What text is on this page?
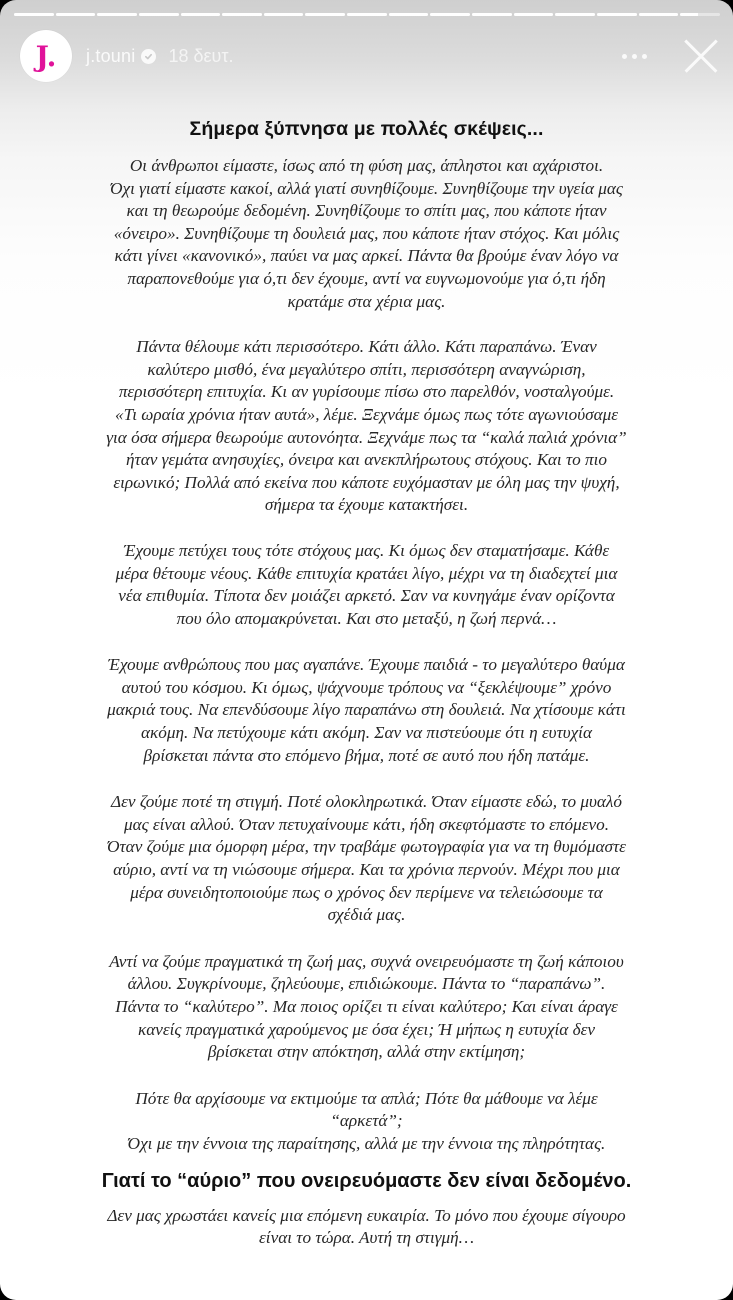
J. j.touni 18 δευτ.
Σήμερα ξύπνησα με πολλές σκέψεις...
Οι άνθρωποι είμαστε, ίσως από τη φύση μας, άπληστοι και αχάριστοι.
Όχι γιατί είμαστε κακοί, αλλά γιατί συνηθίζουμε. Συνηθίζουμε την υγεία μας
και τη θεωρούμε δεδομένη. Συνηθίζουμε το σπίτι μας, που κάποτε ήταν
«όνειρο». Συνηθίζουμε τη δουλειά μας, που κάποτε ήταν στόχος. Και μόλις
κάτι γίνει «κανονικό», παύει να μας αρκεί. Πάντα θα βρούμε έναν λόγο να
παραπονεθούμε για ό,τι δεν έχουμε, αντί να ευγνωμονούμε για ό,τι ήδη
κρατάμε στα χέρια μας.
Πάντα θέλουμε κάτι περισσότερο. Κάτι άλλο. Κάτι παραπάνω. Έναν
καλύτερο μισθό, ένα μεγαλύτερο σπίτι, περισσότερη αναγνώριση,
περισσότερη επιτυχία. Κι αν γυρίσουμε πίσω στο παρελθόν, νοσταλγούμε.
«Τι ωραία χρόνια ήταν αυτά», λέμε. Ξεχνάμε όμως πως τότε αγωνιούσαμε
για όσα σήμερα θεωρούμε αυτονόητα. Ξεχνάμε πως τα “καλά παλιά χρόνια”
ήταν γεμάτα ανησυχίες, όνειρα και ανεκπλήρωτους στόχους. Και το πιο
ειρωνικό; Πολλά από εκείνα που κάποτε ευχόμασταν με όλη μας την ψυχή,
σήμερα τα έχουμε κατακτήσει.
Έχουμε πετύχει τους τότε στόχους μας. Κι όμως δεν σταματήσαμε. Κάθε
μέρα θέτουμε νέους. Κάθε επιτυχία κρατάει λίγο, μέχρι να τη διαδεχτεί μια
νέα επιθυμία. Τίποτα δεν μοιάζει αρκετό. Σαν να κυνηγάμε έναν ορίζοντα
που όλο απομακρύνεται. Και στο μεταξύ, η ζωή περνά…
Έχουμε ανθρώπους που μας αγαπάνε. Έχουμε παιδιά - το μεγαλύτερο θαύμα
αυτού του κόσμου. Κι όμως, ψάχνουμε τρόπους να “ξεκλέψουμε” χρόνο
μακριά τους. Να επενδύσουμε λίγο παραπάνω στη δουλειά. Να χτίσουμε κάτι
ακόμη. Να πετύχουμε κάτι ακόμη. Σαν να πιστεύουμε ότι η ευτυχία
βρίσκεται πάντα στο επόμενο βήμα, ποτέ σε αυτό που ήδη πατάμε.
Δεν ζούμε ποτέ τη στιγμή. Ποτέ ολοκληρωτικά. Όταν είμαστε εδώ, το μυαλό
μας είναι αλλού. Όταν πετυχαίνουμε κάτι, ήδη σκεφτόμαστε το επόμενο.
Όταν ζούμε μια όμορφη μέρα, την τραβάμε φωτογραφία για να τη θυμόμαστε
αύριο, αντί να τη νιώσουμε σήμερα. Και τα χρόνια περνούν. Μέχρι που μια
μέρα συνειδητοποιούμε πως ο χρόνος δεν περίμενε να τελειώσουμε τα
σχέδιά μας.
Αντί να ζούμε πραγματικά τη ζωή μας, συχνά ονειρευόμαστε τη ζωή κάποιου
άλλου. Συγκρίνουμε, ζηλεύουμε, επιδιώκουμε. Πάντα το “παραπάνω”.
Πάντα το “καλύτερο”. Μα ποιος ορίζει τι είναι καλύτερο; Και είναι άραγε
κανείς πραγματικά χαρούμενος με όσα έχει; Ή μήπως η ευτυχία δεν
βρίσκεται στην απόκτηση, αλλά στην εκτίμηση;
Πότε θα αρχίσουμε να εκτιμούμε τα απλά; Πότε θα μάθουμε να λέμε
“αρκετά”;
Όχι με την έννοια της παραίτησης, αλλά με την έννοια της πληρότητας.
Γιατί το “αύριο” που ονειρευόμαστε δεν είναι δεδομένο.
Δεν μας χρωστάει κανείς μια επόμενη ευκαιρία. Το μόνο που έχουμε σίγουρο
είναι το τώρα. Αυτή τη στιγμή…
